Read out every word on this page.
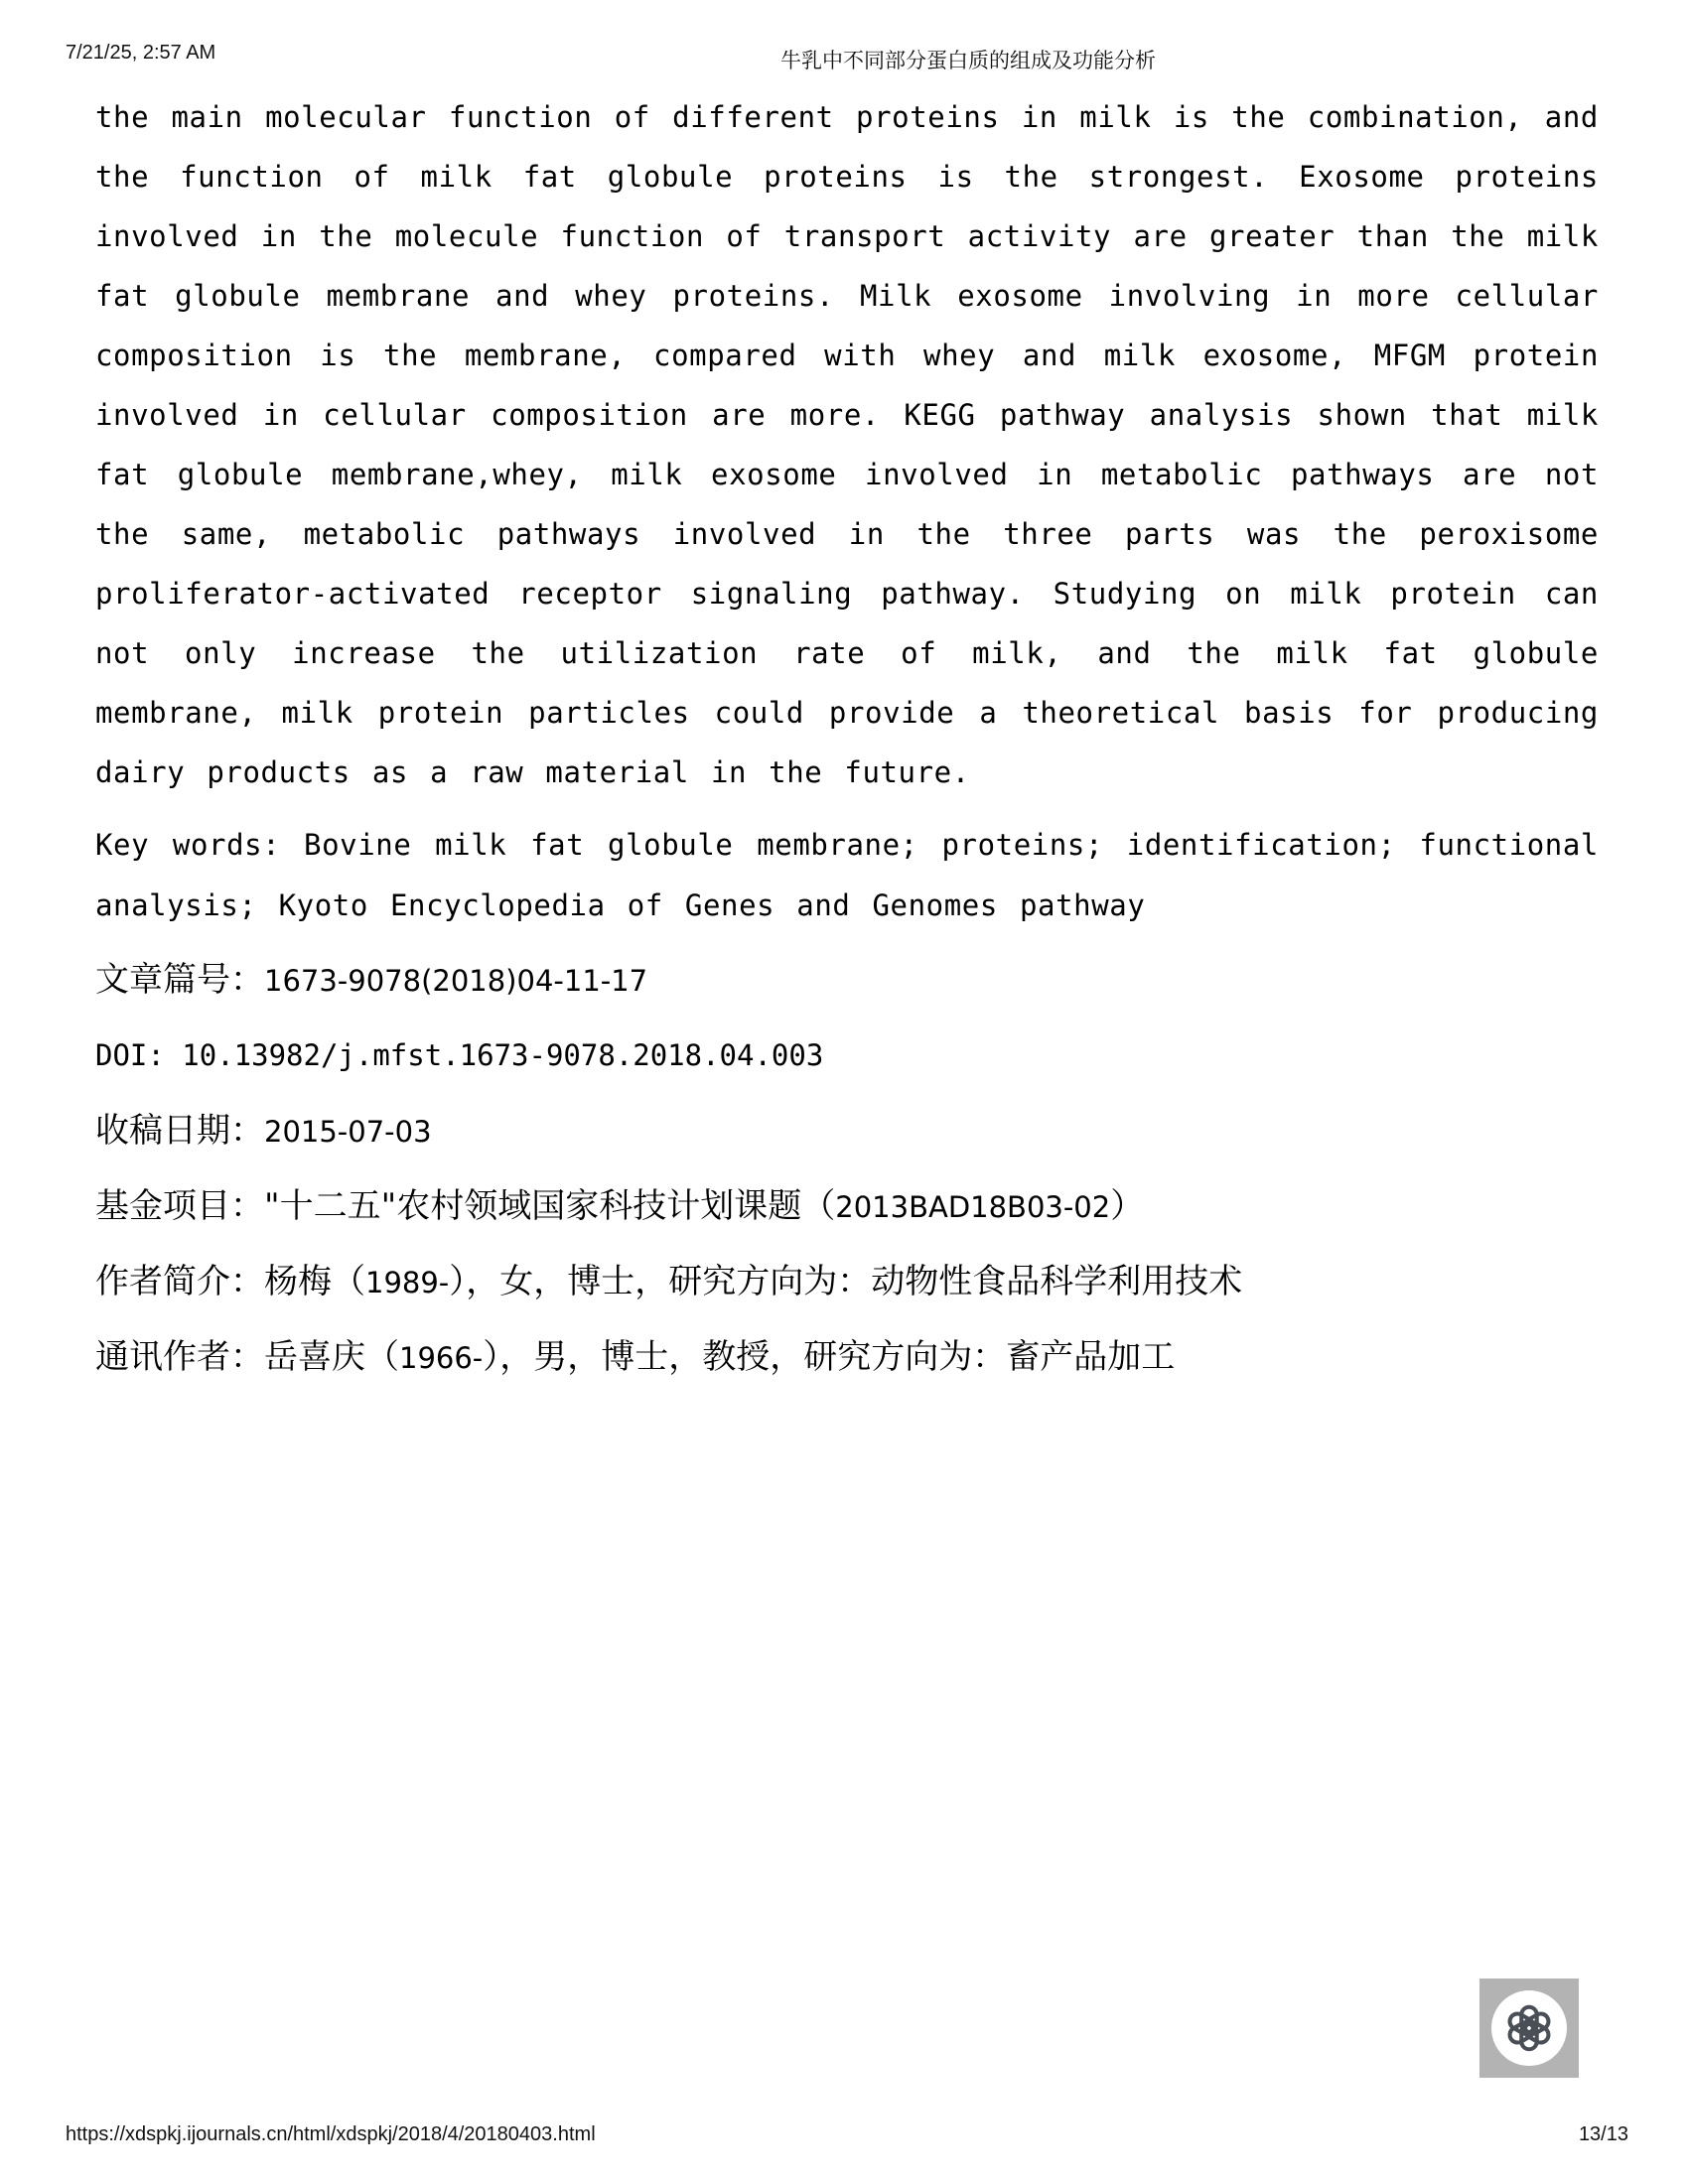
7/21/25, 2:57 AM	牛乳中不同部分蛋白质的组成及功能分析

the main molecular function of different proteins in milk is the combination, and the function of milk fat globule proteins is the strongest. Exosome proteins involved in the molecule function of transport activity are greater than the milk fat globule membrane and whey proteins. Milk exosome involving in more cellular composition is the membrane, compared with whey and milk exosome, MFGM protein involved in cellular composition are more. KEGG pathway analysis shown that milk fat globule membrane,whey, milk exosome involved in metabolic pathways are not the same, metabolic pathways involved in the three parts was the peroxisome proliferator-activated receptor signaling pathway. Studying on milk protein can not only increase the utilization rate of milk, and the milk fat globule membrane, milk protein particles could provide a theoretical basis for producing dairy products as a raw material in the future.

Key words: Bovine milk fat globule membrane; proteins; identification; functional analysis; Kyoto Encyclopedia of Genes and Genomes pathway

文章篇号：1673-9078(2018)04-11-17

DOI: 10.13982/j.mfst.1673-9078.2018.04.003

收稿日期：2015-07-03

基金项目："十二五"农村领域国家科技计划课题（2013BAD18B03-02）

作者简介：杨梅（1989-），女，博士，研究方向为：动物性食品科学利用技术

通讯作者：岳喜庆（1966-），男，博士，教授，研究方向为：畜产品加工

https://xdspkj.ijournals.cn/html/xdspkj/2018/4/20180403.html	13/13
